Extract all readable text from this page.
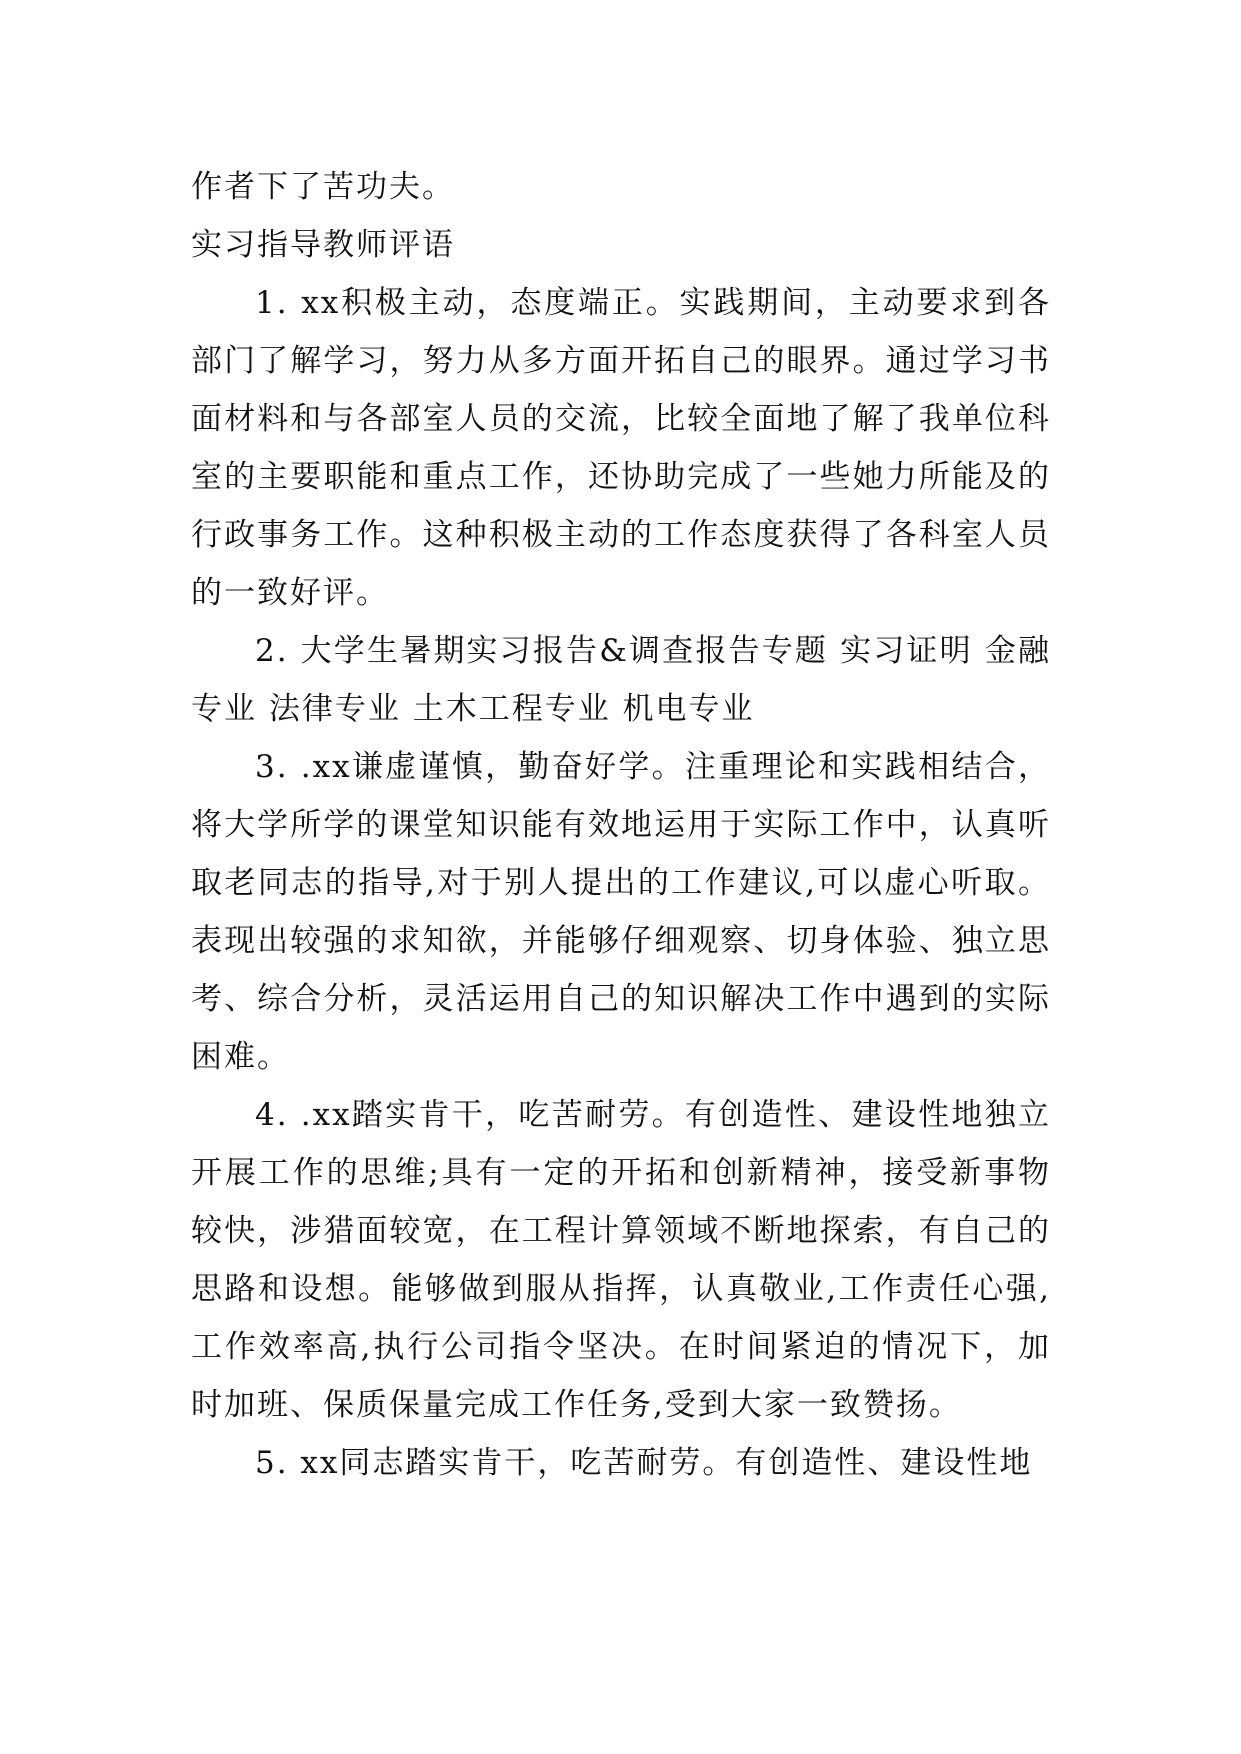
作者下了苦功夫。

实习指导教师评语

1. xx积极主动，态度端正。实践期间，主动要求到各部门了解学习，努力从多方面开拓自己的眼界。通过学习书面材料和与各部室人员的交流，比较全面地了解了我单位科室的主要职能和重点工作，还协助完成了一些她力所能及的行政事务工作。这种积极主动的工作态度获得了各科室人员的一致好评。

2. 大学生暑期实习报告&调查报告专题 实习证明 金融专业 法律专业 土木工程专业 机电专业

3. .xx谦虚谨慎，勤奋好学。注重理论和实践相结合，将大学所学的课堂知识能有效地运用于实际工作中，认真听取老同志的指导,对于别人提出的工作建议,可以虚心听取。表现出较强的求知欲，并能够仔细观察、切身体验、独立思考、综合分析，灵活运用自己的知识解决工作中遇到的实际困难。

4. .xx踏实肯干，吃苦耐劳。有创造性、建设性地独立开展工作的思维;具有一定的开拓和创新精神，接受新事物较快，涉猎面较宽，在工程计算领域不断地探索，有自己的思路和设想。能够做到服从指挥，认真敬业,工作责任心强,工作效率高,执行公司指令坚决。在时间紧迫的情况下，加时加班、保质保量完成工作任务,受到大家一致赞扬。

5. xx同志踏实肯干，吃苦耐劳。有创造性、建设性地
